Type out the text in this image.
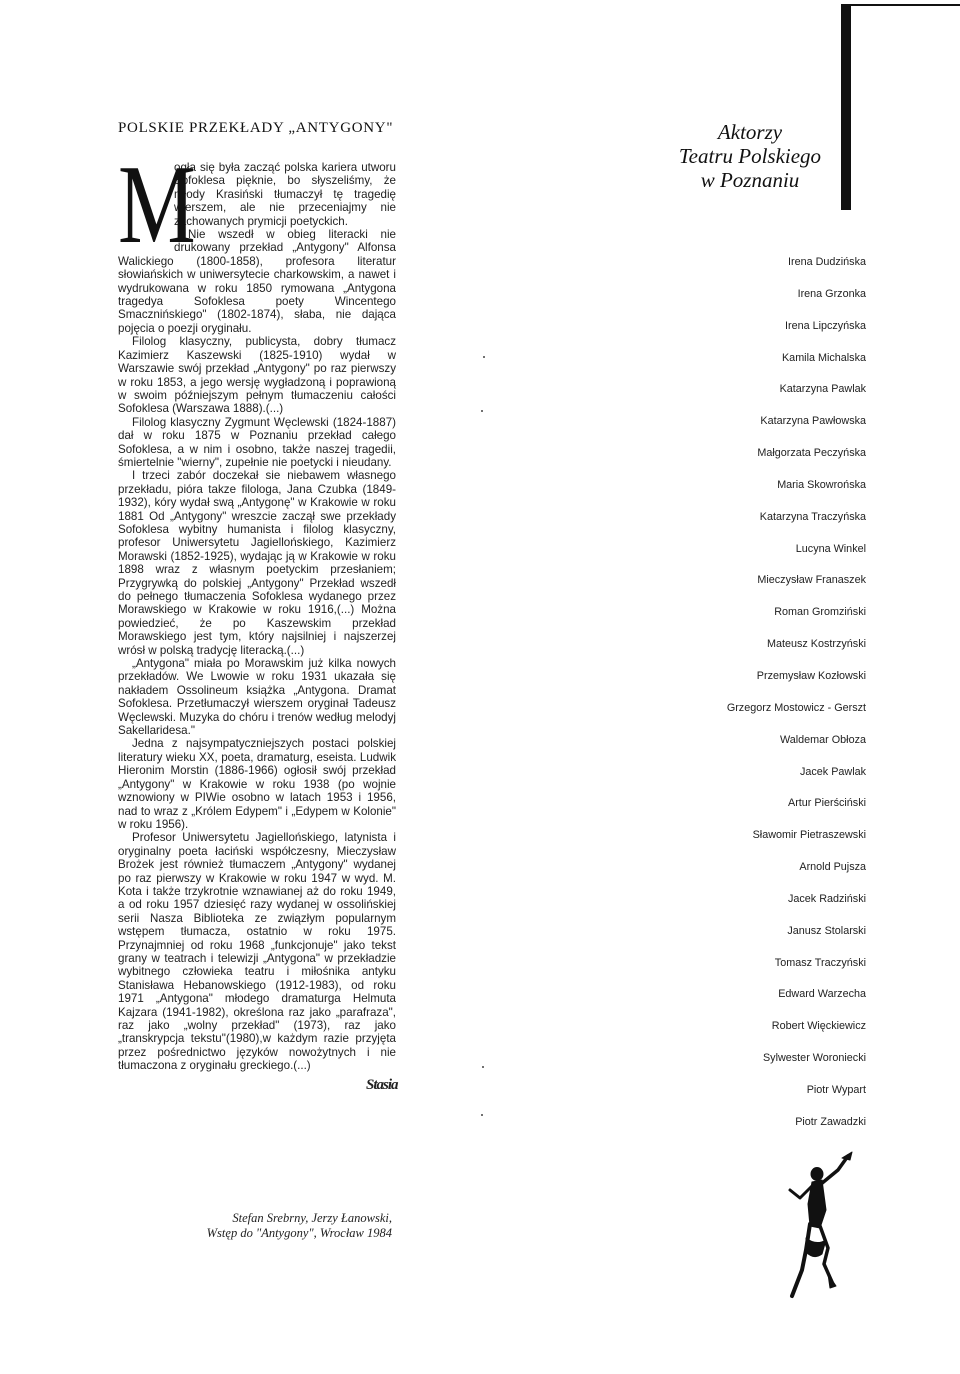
POLSKIE PRZEKŁADY „ANTYGONY"

M
ogła się była zacząć polska kariera utworu Sofoklesa pięknie, bo słyszeliśmy, że młody Krasiński tłumaczył tę tragedię wierszem, ale nie przeceniajmy nie zachowanych prymicji poetyckich.

Nie wszedł w obieg literacki nie drukowany przekład „Antygony" Alfonsa Walickiego (1800-1858), profesora literatur słowiańskich w uniwersytecie charkowskim, a nawet i wydrukowana w roku 1850 rymowana „Antygona tragedya Sofoklesa poety Wincentego Smacznińskiego" (1802-1874), słaba, nie dająca pojęcia o poezji oryginału.

Filolog klasyczny, publicysta, dobry tłumacz Kazimierz Kaszewski (1825-1910) wydał w Warszawie swój przekład „Antygony" po raz pierwszy w roku 1853, a jego wersję wygładzoną i poprawioną w swoim późniejszym pełnym tłumaczeniu całości Sofoklesa (Warszawa 1888).(...)

Filolog klasyczny Zygmunt Węclewski (1824-1887) dał w roku 1875 w Poznaniu przekład całego Sofoklesa, a w nim i osobno, także naszej tragedii, śmiertelnie "wierny", zupełnie nie poetycki i nieudany.

I trzeci zabór doczekał sie niebawem własnego przekładu, pióra takze filologa, Jana Czubka (1849-1932), kóry wydał swą „Antygonę" w Krakowie w roku 1881 Od „Antygony" wreszcie zaczął swe przekłady Sofoklesa wybitny humanista i filolog klasyczny, profesor Uniwersytetu Jagiellońskiego, Kazimierz Morawski (1852-1925), wydając ją w Krakowie w roku 1898 wraz z własnym poetyckim przesłaniem; Przygrywką do polskiej „Antygony" Przekład wszedł do pełnego tłumaczenia Sofoklesa wydanego przez Morawskiego w Krakowie w roku 1916,(...) Można powiedzieć, że po Kaszewskim przekład Morawskiego jest tym, który najsilniej i najszerzej wrósł w polską tradycję literacką.(...)

„Antygona" miała po Morawskim już kilka nowych przekładów. We Lwowie w roku 1931 ukazała się nakładem Ossolineum książka „Antygona. Dramat Sofoklesa. Przetłumaczył wierszem oryginał Tadeusz Węclewski. Muzyka do chóru i trenów według melodyj Sakellaridesa."

Jedna z najsympatyczniejszych postaci polskiej literatury wieku XX, poeta, dramaturg, eseista. Ludwik Hieronim Morstin (1886-1966) ogłosił swój przekład „Antygony" w Krakowie w roku 1938 (po wojnie wznowiony w PIWie osobno w latach 1953 i 1956, nad to wraz z „Królem Edypem" i „Edypem w Kolonie" w roku 1956).

Profesor Uniwersytetu Jagiellońskiego, latynista i oryginalny poeta łaciński współczesny, Mieczysław Brożek jest również tłumaczem „Antygony" wydanej po raz pierwszy w Krakowie w roku 1947 w wyd. M. Kota i także trzykrotnie wznawianej aż do roku 1949, a od roku 1957 dziesięć razy wydanej w ossolińskiej serii Nasza Biblioteka ze związłym popularnym wstępem tłumacza, ostatnio w roku 1975. Przynajmniej od roku 1968 „funkcjonuje" jako tekst grany w teatrach i telewizji „Antygona" w przekładzie wybitnego człowieka teatru i miłośnika antyku Stanisława Hebanowskiego (1912-1983), od roku 1971 „Antygona" młodego dramaturga Helmuta Kajzara (1941-1982), określona raz jako „parafraza", raz jako „wolny przekład" (1973), raz jako „transkrypcja tekstu"(1980),w każdym razie przyjęta przez pośrednictwo języków nowożytnych i nie tłumaczona z oryginału greckiego.(...)

Stasia
Stefan Srebrny, Jerzy Łanowski,
Wstęp do "Antygony", Wrocław 1984
Aktorzy
Teatru Polskiego
w Poznaniu
Irena Dudzińska
Irena Grzonka
Irena Lipczyńska
Kamila Michalska
Katarzyna Pawlak
Katarzyna Pawłowska
Małgorzata Peczyńska
Maria Skowrońska
Katarzyna Traczyńska
Lucyna Winkel
Mieczysław Franaszek
Roman Gromziński
Mateusz Kostrzyński
Przemysław Kozłowski
Grzegorz Mostowicz - Gerszt
Waldemar Obłoza
Jacek Pawlak
Artur Pierściński
Sławomir Pietraszewski
Arnold Pujsza
Jacek Radziński
Janusz Stolarski
Tomasz Traczyński
Edward Warzecha
Robert Więckiewicz
Sylwester Woroniecki
Piotr Wypart
Piotr Zawadzki
